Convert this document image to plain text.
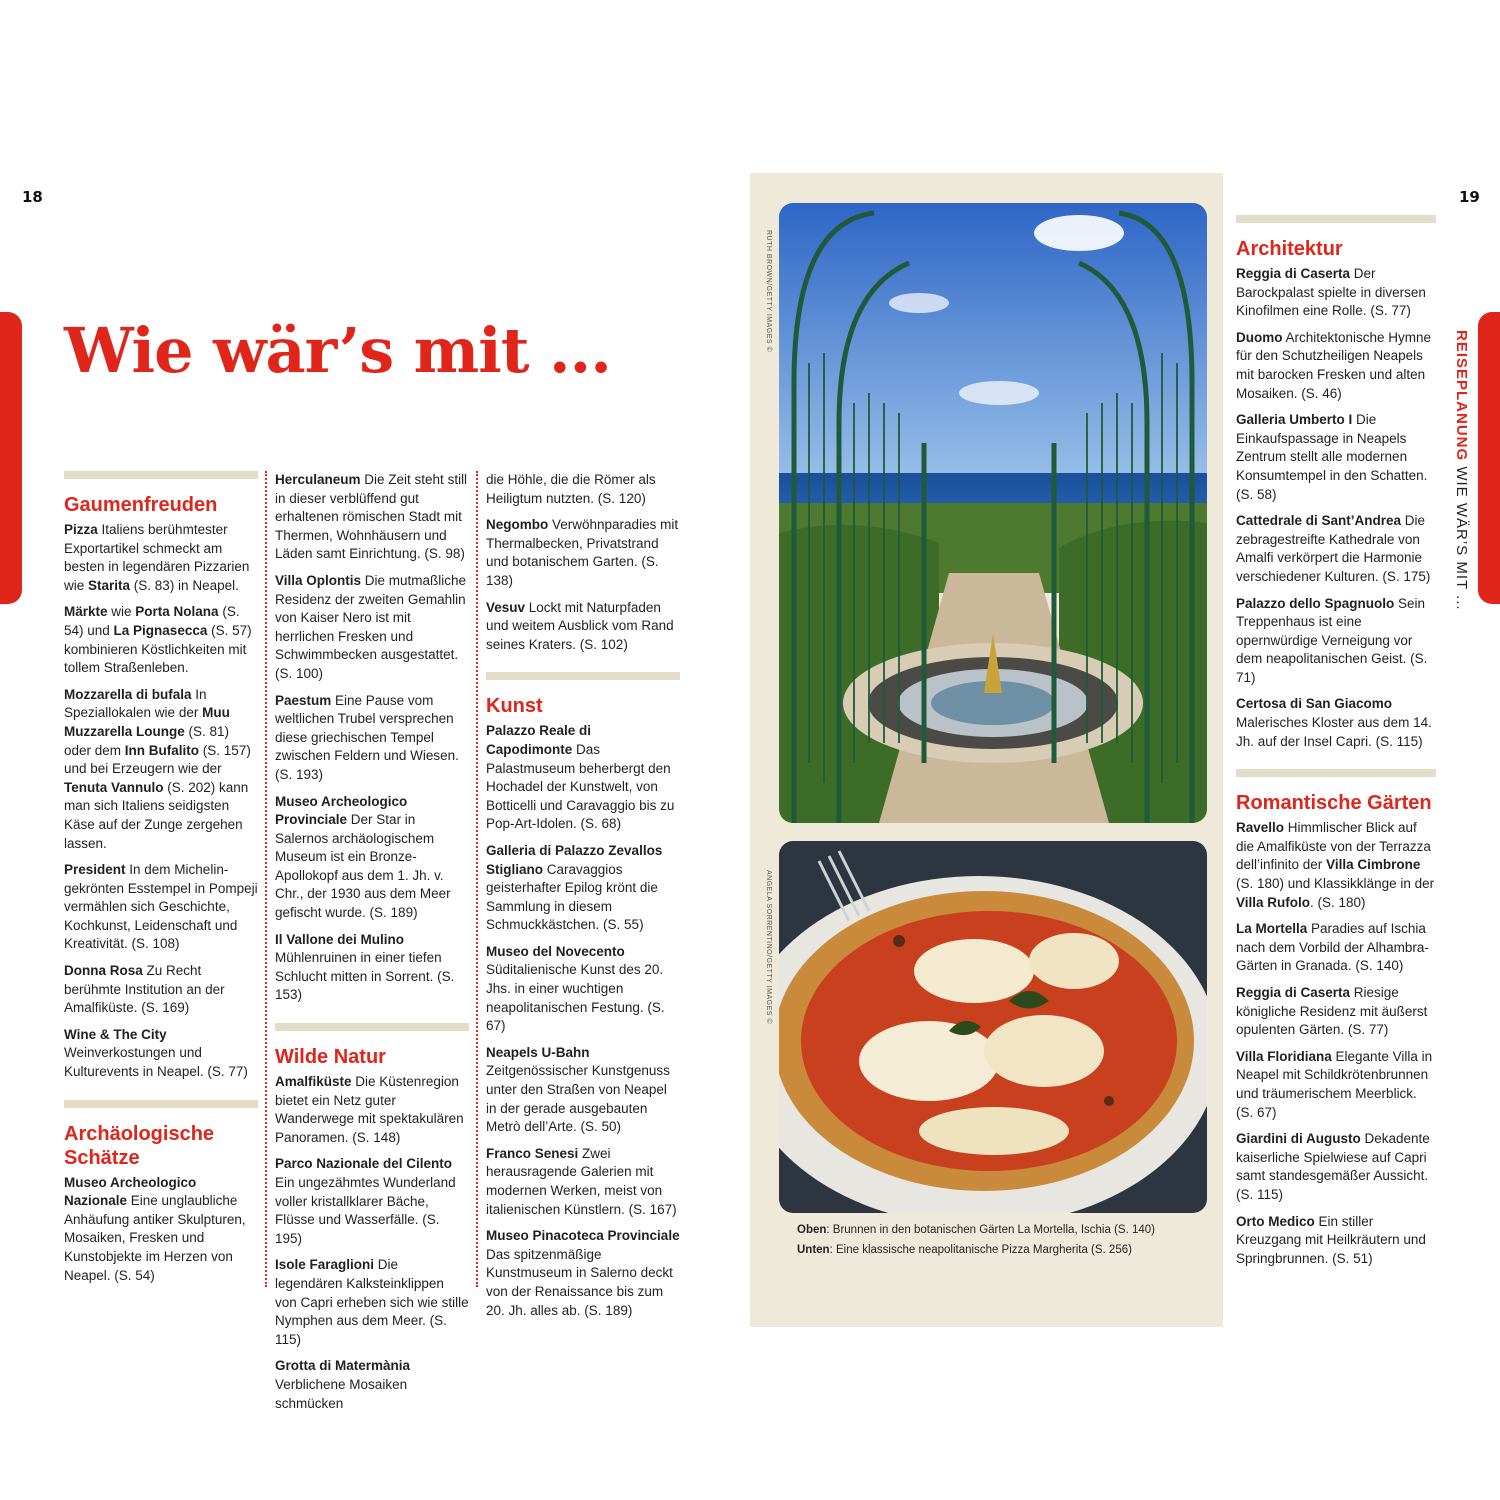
18	19
REISEPLANUNG WIE WÄR’S MIT ...
Wie wär’s mit ...
Gaumenfreuden
Pizza Italiens berühmtester Exportartikel schmeckt am besten in legendären Pizzarien wie Starita (S. 83) in Neapel.
Märkte wie Porta Nolana (S. 54) und La Pignasecca (S. 57) kombinieren Köstlichkeiten mit tollem Straßenleben.
Mozzarella di bufala In Speziallokalen wie der Muu Muzzarella Lounge (S. 81) oder dem Inn Bufalito (S. 157) und bei Erzeugern wie der Tenuta Vannulo (S. 202) kann man sich Italiens seidigsten Käse auf der Zunge zergehen lassen.
President In dem Michelin-gekrönten Esstempel in Pompeji vermählen sich Geschichte, Kochkunst, Leidenschaft und Kreativität. (S. 108)
Donna Rosa Zu Recht berühmte Institution an der Amalfiküste. (S. 169)
Wine & The City Weinverkostungen und Kulturevents in Neapel. (S. 77)
Archäologische Schätze
Museo Archeologico Nazionale Eine unglaubliche Anhäufung antiker Skulpturen, Mosaiken, Fresken und Kunstobjekte im Herzen von Neapel. (S. 54)
Herculaneum Die Zeit steht still in dieser verblüffend gut erhaltenen römischen Stadt mit Thermen, Wohnhäusern und Läden samt Einrichtung. (S. 98)
Villa Oplontis Die mutmaßliche Residenz der zweiten Gemahlin von Kaiser Nero ist mit herrlichen Fresken und Schwimmbecken ausgestattet. (S. 100)
Paestum Eine Pause vom weltlichen Trubel versprechen diese griechischen Tempel zwischen Feldern und Wiesen. (S. 193)
Museo Archeologico Provinciale Der Star in Salernos archäologischem Museum ist ein Bronze-Apollokopf aus dem 1. Jh. v. Chr., der 1930 aus dem Meer gefischt wurde. (S. 189)
Il Vallone dei Mulino Mühlenruinen in einer tiefen Schlucht mitten in Sorrent. (S. 153)
Wilde Natur
Amalfiküste Die Küstenregion bietet ein Netz guter Wanderwege mit spektakulären Panoramen. (S. 148)
Parco Nazionale del Cilento Ein ungezähmtes Wunderland voller kristallklarer Bäche, Flüsse und Wasserfälle. (S. 195)
Isole Faraglioni Die legendären Kalksteinklippen von Capri erheben sich wie stille Nymphen aus dem Meer. (S. 115)
Grotta di Matermània Verblichene Mosaiken schmücken
die Höhle, die die Römer als Heiligtum nutzten. (S. 120)
Negombo Verwöhnparadies mit Thermalbecken, Privatstrand und botanischem Garten. (S. 138)
Vesuv Lockt mit Naturpfaden und weitem Ausblick vom Rand seines Kraters. (S. 102)
Kunst
Palazzo Reale di Capodimonte Das Palastmuseum beherbergt den Hochadel der Kunstwelt, von Botticelli und Caravaggio bis zu Pop-Art-Idolen. (S. 68)
Galleria di Palazzo Zevallos Stigliano Caravaggios geisterhafter Epilog krönt die Sammlung in diesem Schmuckkästchen. (S. 55)
Museo del Novecento Süditalienische Kunst des 20. Jhs. in einer wuchtigen neapolitanischen Festung. (S. 67)
Neapels U-Bahn Zeitgenössischer Kunstgenuss unter den Straßen von Neapel in der gerade ausgebauten Metrò dell’Arte. (S. 50)
Franco Senesi Zwei herausragende Galerien mit modernen Werken, meist von italienischen Künstlern. (S. 167)
Museo Pinacoteca Provinciale Das spitzenmäßige Kunstmuseum in Salerno deckt von der Renaissance bis zum 20. Jh. alles ab. (S. 189)
Architektur
Reggia di Caserta Der Barockpalast spielte in diversen Kinofilmen eine Rolle. (S. 77)
Duomo Architektonische Hymne für den Schutzheiligen Neapels mit barocken Fresken und alten Mosaiken. (S. 46)
Galleria Umberto I Die Einkaufspassage in Neapels Zentrum stellt alle modernen Konsumtempel in den Schatten. (S. 58)
Cattedrale di Sant’Andrea Die zebragestreifte Kathedrale von Amalfi verkörpert die Harmonie verschiedener Kulturen. (S. 175)
Palazzo dello Spagnuolo Sein Treppenhaus ist eine opernwürdige Verneigung vor dem neapolitanischen Geist. (S. 71)
Certosa di San Giacomo Malerisches Kloster aus dem 14. Jh. auf der Insel Capri. (S. 115)
Romantische Gärten
Ravello Himmlischer Blick auf die Amalfiküste von der Terrazza dell’infinito der Villa Cimbrone (S. 180) und Klassikklänge in der Villa Rufolo. (S. 180)
La Mortella Paradies auf Ischia nach dem Vorbild der Alhambra-Gärten in Granada. (S. 140)
Reggia di Caserta Riesige königliche Residenz mit äußerst opulenten Gärten. (S. 77)
Villa Floridiana Elegante Villa in Neapel mit Schildkrötenbrunnen und träumerischem Meerblick. (S. 67)
Giardini di Augusto Dekadente kaiserliche Spielwiese auf Capri samt standesgemäßer Aussicht. (S. 115)
Orto Medico Ein stiller Kreuzgang mit Heilkräutern und Springbrunnen. (S. 51)
RUTH BROWN/GETTY IMAGES ©
ANGELA SORRENTINO/GETTY IMAGES ©
Oben: Brunnen in den botanischen Gärten La Mortella, Ischia (S. 140)
Unten: Eine klassische neapolitanische Pizza Margherita (S. 256)
